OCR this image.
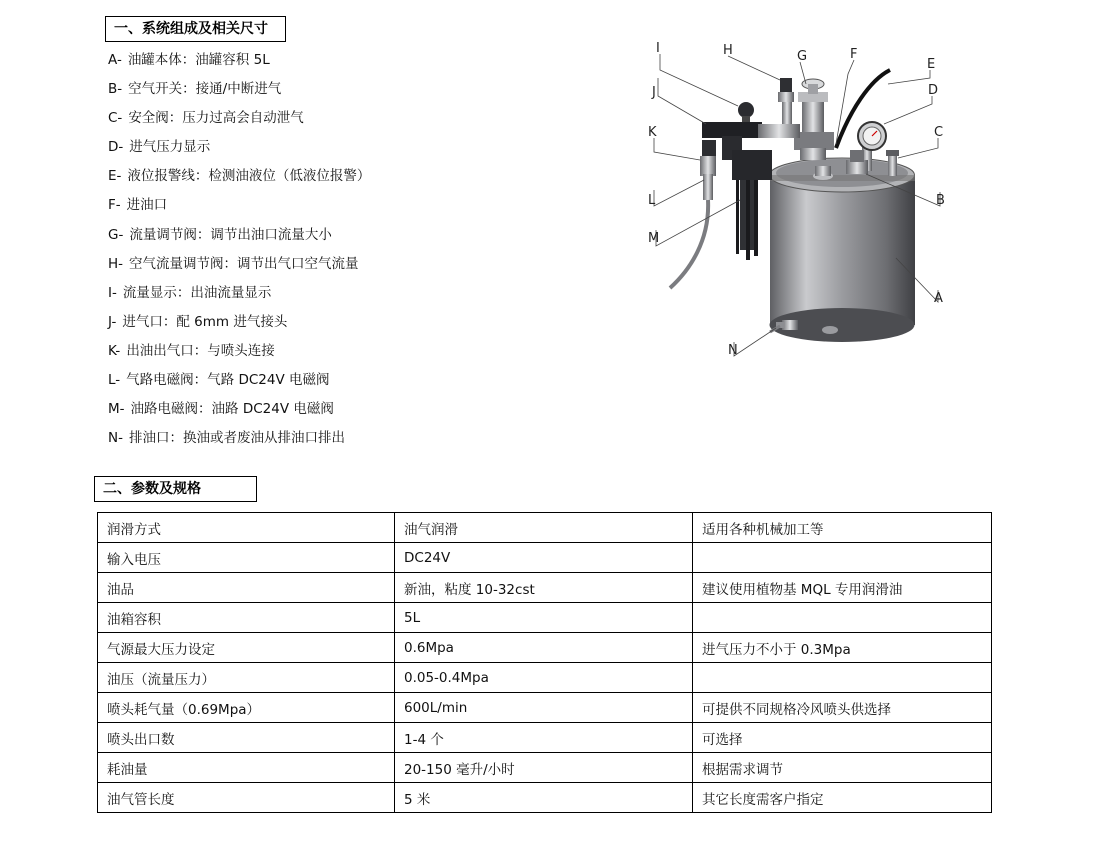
一、系统组成及相关尺寸
A- 油罐本体：油罐容积 5L
B- 空气开关：接通/中断进气
C- 安全阀：压力过高会自动泄气
D- 进气压力显示
E- 液位报警线：检测油液位（低液位报警）
F- 进油口
G- 流量调节阀：调节出油口流量大小
H- 空气流量调节阀：调节出气口空气流量
I- 流量显示：出油流量显示
J- 进气口：配 6mm 进气接头
K- 出油出气口：与喷头连接
L- 气路电磁阀：气路 DC24V 电磁阀
M- 油路电磁阀：油路 DC24V 电磁阀
N- 排油口：换油或者废油从排油口排出
I	H	G	F
E
D
C
B
A
J
K
L
M
N
二、参数及规格
润滑方式	油气润滑	适用各种机械加工等
输入电压	DC24V	
油品	新油，粘度 10-32cst	建议使用植物基 MQL 专用润滑油
油箱容积	5L	
气源最大压力设定	0.6Mpa	进气压力不小于 0.3Mpa
油压（流量压力）	0.05-0.4Mpa	
喷头耗气量（0.69Mpa）	600L/min	可提供不同规格冷风喷头供选择
喷头出口数	1-4 个	可选择
耗油量	20-150 毫升/小时	根据需求调节
油气管长度	5 米	其它长度需客户指定
